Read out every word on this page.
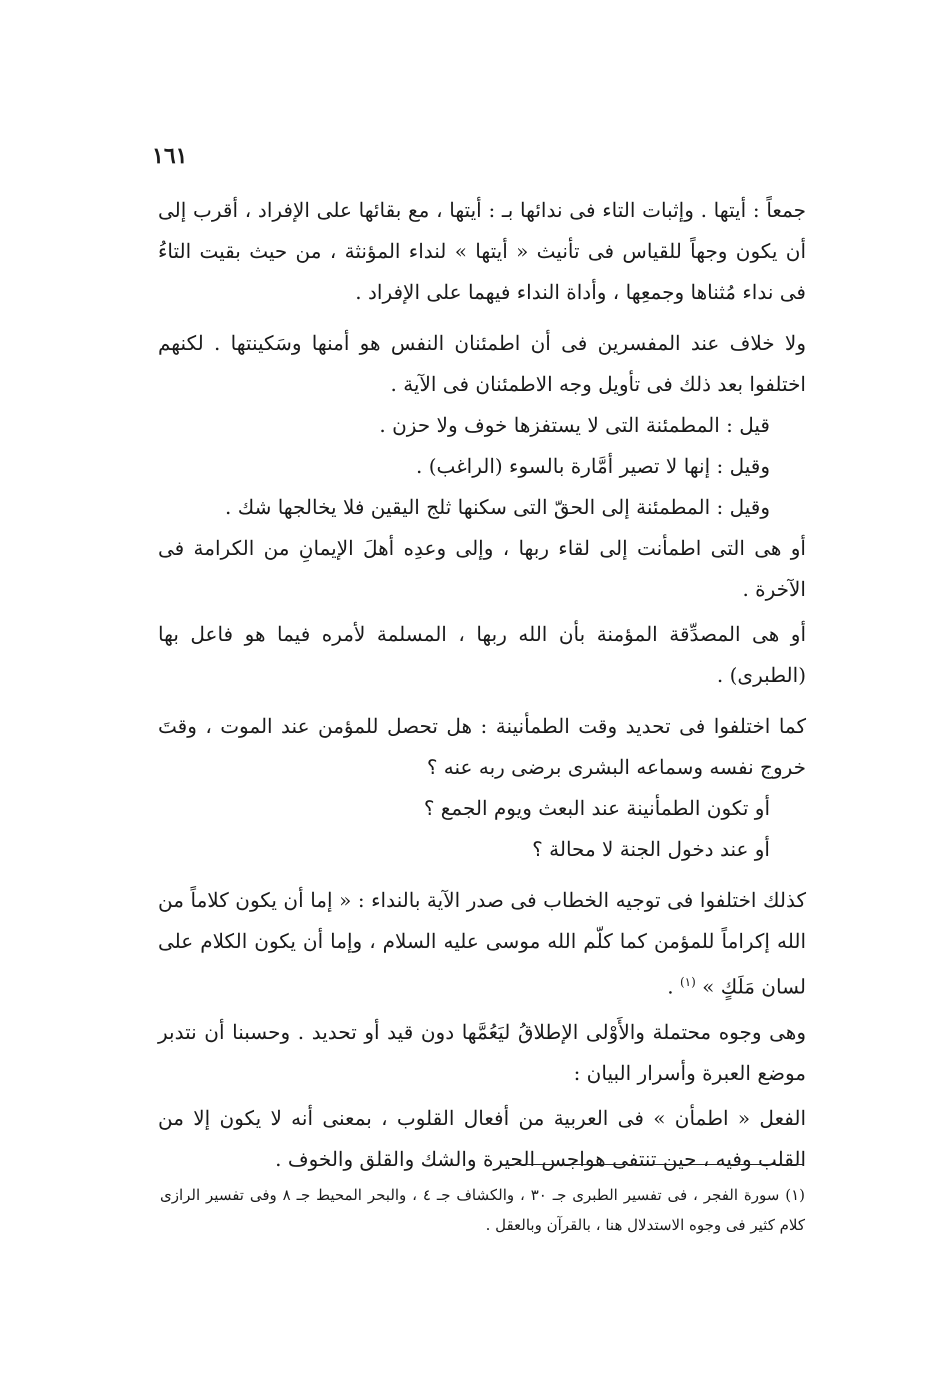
١٦١

جمعاً : أيتها . وإثبات التاء فى ندائها بـ : أيتها ، مع بقائها على الإفراد ، أقرب إلى أن يكون وجهاً للقياس فى تأنيث « أيتها » لنداء المؤنثة ، من حيث بقيت التاءُ فى نداء مُثناها وجمعِها ، وأداة النداء فيهما على الإفراد .

ولا خلاف عند المفسرين فى أن اطمئنان النفس هو أمنها وسَكينتها . لكنهم اختلفوا بعد ذلك فى تأويل وجه الاطمئنان فى الآية .

قيل : المطمئنة التى لا يستفزها خوف ولا حزن .

وقيل : إنها لا تصير أمَّارة بالسوء (الراغب) .

وقيل : المطمئنة إلى الحقّ التى سكنها ثلج اليقين فلا يخالجها شك .

أو هى التى اطمأنت إلى لقاء ربها ، وإلى وعدِه أهلَ الإيمانِ من الكرامة فى الآخرة .

أو هى المصدِّقة المؤمنة بأن الله ربها ، المسلمة لأمره فيما هو فاعل بها (الطبرى) .

كما اختلفوا فى تحديد وقت الطمأنينة : هل تحصل للمؤمن عند الموت ، وقتَ خروج نفسه وسماعه البشرى برضى ربه عنه ؟

أو تكون الطمأنينة عند البعث ويوم الجمع ؟

أو عند دخول الجنة لا محالة ؟

كذلك اختلفوا فى توجيه الخطاب فى صدر الآية بالنداء : « إما أن يكون كلاماً من الله إكراماً للمؤمن كما كلّم الله موسى عليه السلام ، وإما أن يكون الكلام على لسان مَلَكٍ » $^{(١)}$ .

وهى وجوه محتملة والأَوْلى الإطلاقُ ليَعُمَّها دون قيد أو تحديد . وحسبنا أن نتدبر موضع العبرة وأسرار البيان :

الفعل « اطمأن » فى العربية من أفعال القلوب ، بمعنى أنه لا يكون إلا من القلب وفيه ، حين تنتفى هواجس الحيرة والشك والقلق والخوف .

(١) سورة الفجر ، فى تفسير الطبرى جـ ٣٠ ، والكشاف جـ ٤ ، والبحر المحيط جـ ٨ وفى تفسير الرازى كلام كثير فى وجوه الاستدلال هنا ، بالقرآن وبالعقل .
